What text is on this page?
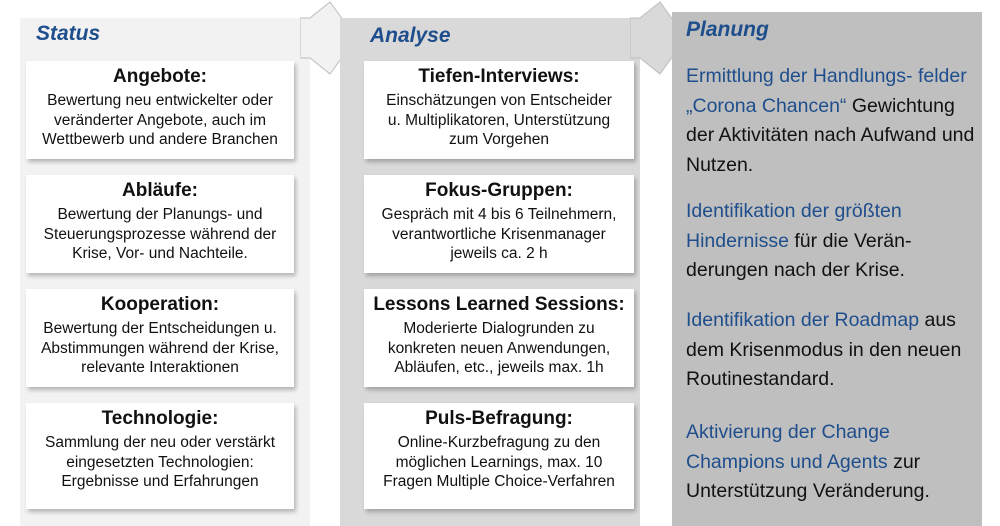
Status

Angebote:

Bewertung neu entwickelter oder
veränderter Angebote, auch im
Wettbewerb und andere Branchen

Abläufe:

Bewertung der Planungs- und
Steuerungsprozesse während der
Krise, Vor- und Nachteile.

Kooperation:

Bewertung der Entscheidungen u.
Abstimmungen während der Krise,
relevante Interaktionen

Technologie:

Sammlung der neu oder verstärkt
eingesetzten Technologien:
Ergebnisse und Erfahrungen

Analyse

Tiefen-Interviews:

Einschätzungen von Entscheider
u. Multiplikatoren, Unterstützung
zum Vorgehen

Fokus-Gruppen:

Gespräch mit 4 bis 6 Teilnehmern,
verantwortliche Krisenmanager
jeweils ca. 2 h

Lessons Learned Sessions:

Moderierte Dialogrunden zu
konkreten neuen Anwendungen,
Abläufen, etc., jeweils max. 1h

Puls-Befragung:

Online-Kurzbefragung zu den
möglichen Learnings, max. 10
Fragen Multiple Choice-Verfahren

Planung
Ermittlung der Handlungs- felder „Corona Chancen“ Gewichtung der Aktivitäten nach Aufwand und Nutzen.
Identifikation der größten Hindernisse für die Verän- derungen nach der Krise.
Identifikation der Roadmap aus dem Krisenmodus in den neuen Routinestandard.
Aktivierung der Change Champions und Agents zur Unterstützung Veränderung.
